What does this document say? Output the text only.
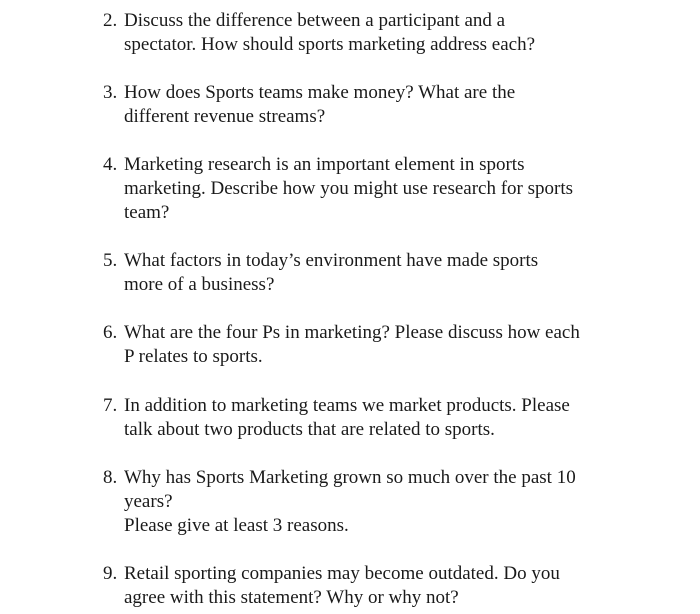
2. Discuss the difference between a participant and a
spectator. How should sports marketing address each?
3. How does Sports teams make money? What are the
different revenue streams?
4. Marketing research is an important element in sports
marketing. Describe how you might use research for sports
team?
5. What factors in today’s environment have made sports
more of a business?
6. What are the four Ps in marketing? Please discuss how each
P relates to sports.
7. In addition to marketing teams we market products. Please
talk about two products that are related to sports.
8. Why has Sports Marketing grown so much over the past 10
years?
Please give at least 3 reasons.
9. Retail sporting companies may become outdated. Do you
agree with this statement? Why or why not?
